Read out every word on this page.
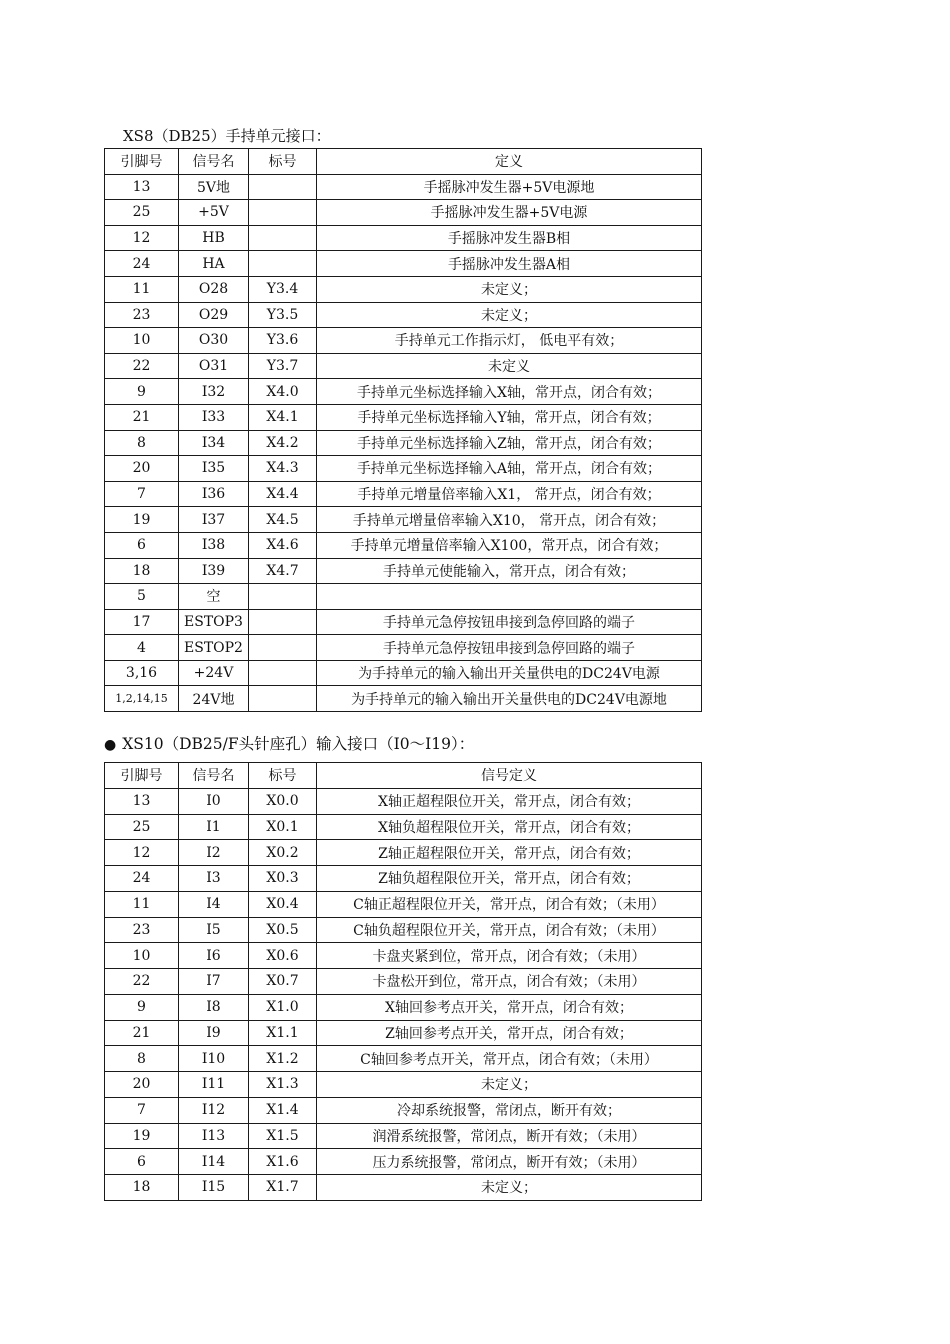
XS8（DB25）手持单元接口：
引脚号	信号名	标号	定义
13	5V地		手摇脉冲发生器+5V电源地
25	+5V		手摇脉冲发生器+5V电源
12	HB		手摇脉冲发生器B相
24	HA		手摇脉冲发生器A相
11	O28	Y3.4	未定义；
23	O29	Y3.5	未定义；
10	O30	Y3.6	手持单元工作指示灯， 低电平有效；
22	O31	Y3.7	未定义
9	I32	X4.0	手持单元坐标选择输入X轴，常开点，闭合有效；
21	I33	X4.1	手持单元坐标选择输入Y轴，常开点，闭合有效；
8	I34	X4.2	手持单元坐标选择输入Z轴，常开点，闭合有效；
20	I35	X4.3	手持单元坐标选择输入A轴，常开点，闭合有效；
7	I36	X4.4	手持单元增量倍率输入X1， 常开点，闭合有效；
19	I37	X4.5	手持单元增量倍率输入X10， 常开点，闭合有效；
6	I38	X4.6	手持单元增量倍率输入X100，常开点，闭合有效；
18	I39	X4.7	手持单元使能输入，常开点，闭合有效；
5	空		
17	ESTOP3		手持单元急停按钮串接到急停回路的端子
4	ESTOP2		手持单元急停按钮串接到急停回路的端子
3,16	+24V		为手持单元的输入输出开关量供电的DC24V电源
1,2,14,15	24V地		为手持单元的输入输出开关量供电的DC24V电源地
● XS10（DB25/F头针座孔）输入接口（I0～I19）：
引脚号	信号名	标号	信号定义
13	I0	X0.0	X轴正超程限位开关，常开点，闭合有效；
25	I1	X0.1	X轴负超程限位开关，常开点，闭合有效；
12	I2	X0.2	Z轴正超程限位开关，常开点，闭合有效；
24	I3	X0.3	Z轴负超程限位开关，常开点，闭合有效；
11	I4	X0.4	C轴正超程限位开关，常开点，闭合有效；（未用）
23	I5	X0.5	C轴负超程限位开关，常开点，闭合有效；（未用）
10	I6	X0.6	卡盘夹紧到位，常开点，闭合有效；（未用）
22	I7	X0.7	卡盘松开到位，常开点，闭合有效；（未用）
9	I8	X1.0	X轴回参考点开关，常开点，闭合有效；
21	I9	X1.1	Z轴回参考点开关，常开点，闭合有效；
8	I10	X1.2	C轴回参考点开关，常开点，闭合有效；（未用）
20	I11	X1.3	未定义；
7	I12	X1.4	冷却系统报警，常闭点，断开有效；
19	I13	X1.5	润滑系统报警，常闭点，断开有效；（未用）
6	I14	X1.6	压力系统报警，常闭点，断开有效；（未用）
18	I15	X1.7	未定义；
